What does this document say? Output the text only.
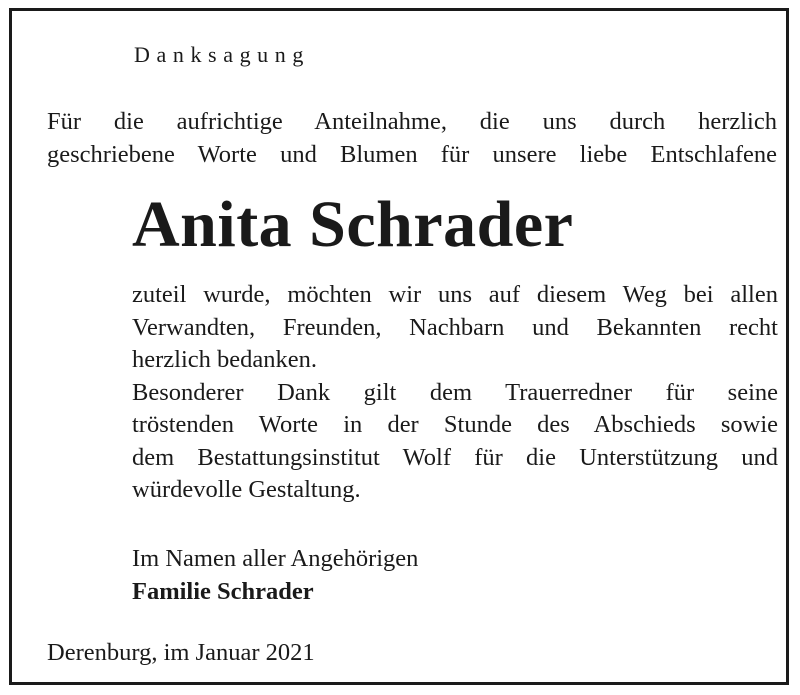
Danksagung

Für die aufrichtige Anteilnahme, die uns durch herzlich

geschriebene Worte und Blumen für unsere liebe Entschlafene

Anita Schrader
zuteil wurde, möchten wir uns auf diesem Weg bei allen
Verwandten, Freunden, Nachbarn und Bekannten recht
herzlich bedanken.
Besonderer Dank gilt dem Trauerredner für seine
tröstenden Worte in der Stunde des Abschieds sowie
dem Bestattungsinstitut Wolf für die Unterstützung und
würdevolle Gestaltung.
Im Namen aller Angehörigen
Familie Schrader
Derenburg, im Januar 2021
